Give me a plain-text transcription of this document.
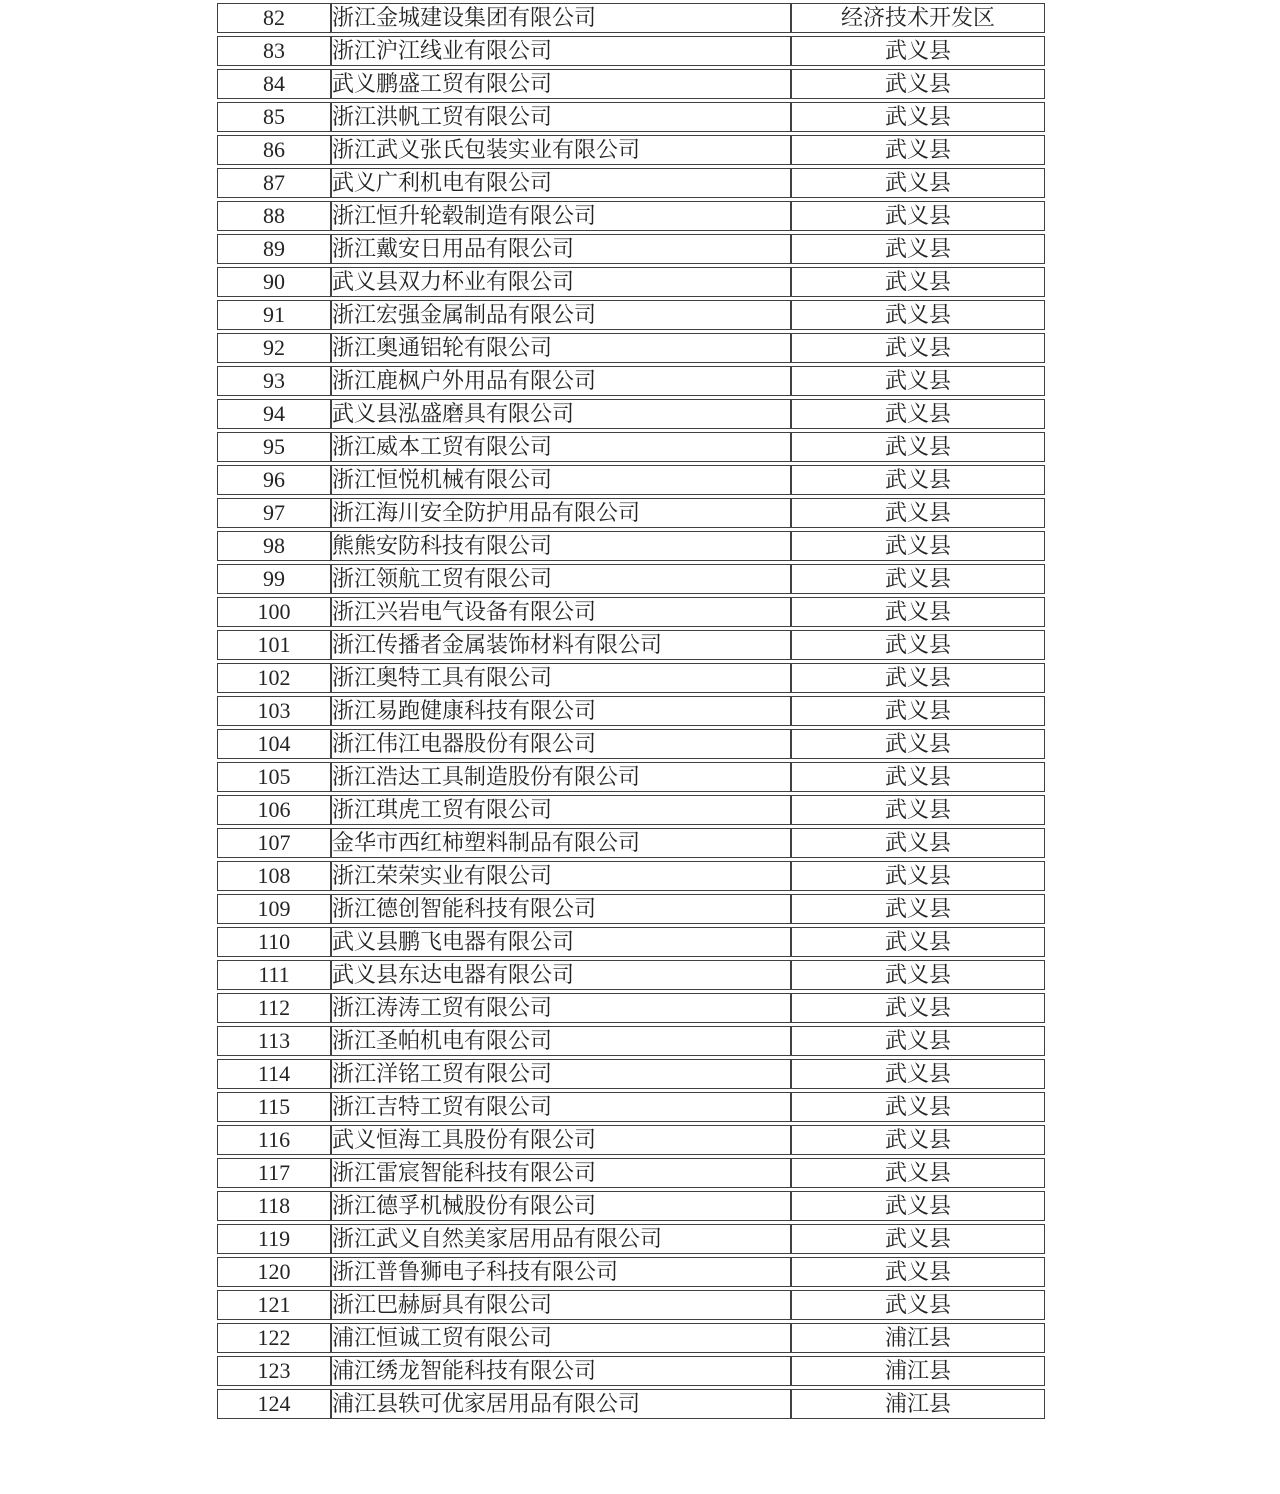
82	浙江金城建设集团有限公司	经济技术开发区
83	浙江沪江线业有限公司	武义县
84	武义鹏盛工贸有限公司	武义县
85	浙江洪帆工贸有限公司	武义县
86	浙江武义张氏包装实业有限公司	武义县
87	武义广利机电有限公司	武义县
88	浙江恒升轮毂制造有限公司	武义县
89	浙江戴安日用品有限公司	武义县
90	武义县双力杯业有限公司	武义县
91	浙江宏强金属制品有限公司	武义县
92	浙江奥通铝轮有限公司	武义县
93	浙江鹿枫户外用品有限公司	武义县
94	武义县泓盛磨具有限公司	武义县
95	浙江威本工贸有限公司	武义县
96	浙江恒悦机械有限公司	武义县
97	浙江海川安全防护用品有限公司	武义县
98	熊熊安防科技有限公司	武义县
99	浙江领航工贸有限公司	武义县
100	浙江兴岩电气设备有限公司	武义县
101	浙江传播者金属装饰材料有限公司	武义县
102	浙江奥特工具有限公司	武义县
103	浙江易跑健康科技有限公司	武义县
104	浙江伟江电器股份有限公司	武义县
105	浙江浩达工具制造股份有限公司	武义县
106	浙江琪虎工贸有限公司	武义县
107	金华市西红柿塑料制品有限公司	武义县
108	浙江荣荣实业有限公司	武义县
109	浙江德创智能科技有限公司	武义县
110	武义县鹏飞电器有限公司	武义县
111	武义县东达电器有限公司	武义县
112	浙江涛涛工贸有限公司	武义县
113	浙江圣帕机电有限公司	武义县
114	浙江洋铭工贸有限公司	武义县
115	浙江吉特工贸有限公司	武义县
116	武义恒海工具股份有限公司	武义县
117	浙江雷宸智能科技有限公司	武义县
118	浙江德孚机械股份有限公司	武义县
119	浙江武义自然美家居用品有限公司	武义县
120	浙江普鲁狮电子科技有限公司	武义县
121	浙江巴赫厨具有限公司	武义县
122	浦江恒诚工贸有限公司	浦江县
123	浦江绣龙智能科技有限公司	浦江县
124	浦江县轶可优家居用品有限公司	浦江县
